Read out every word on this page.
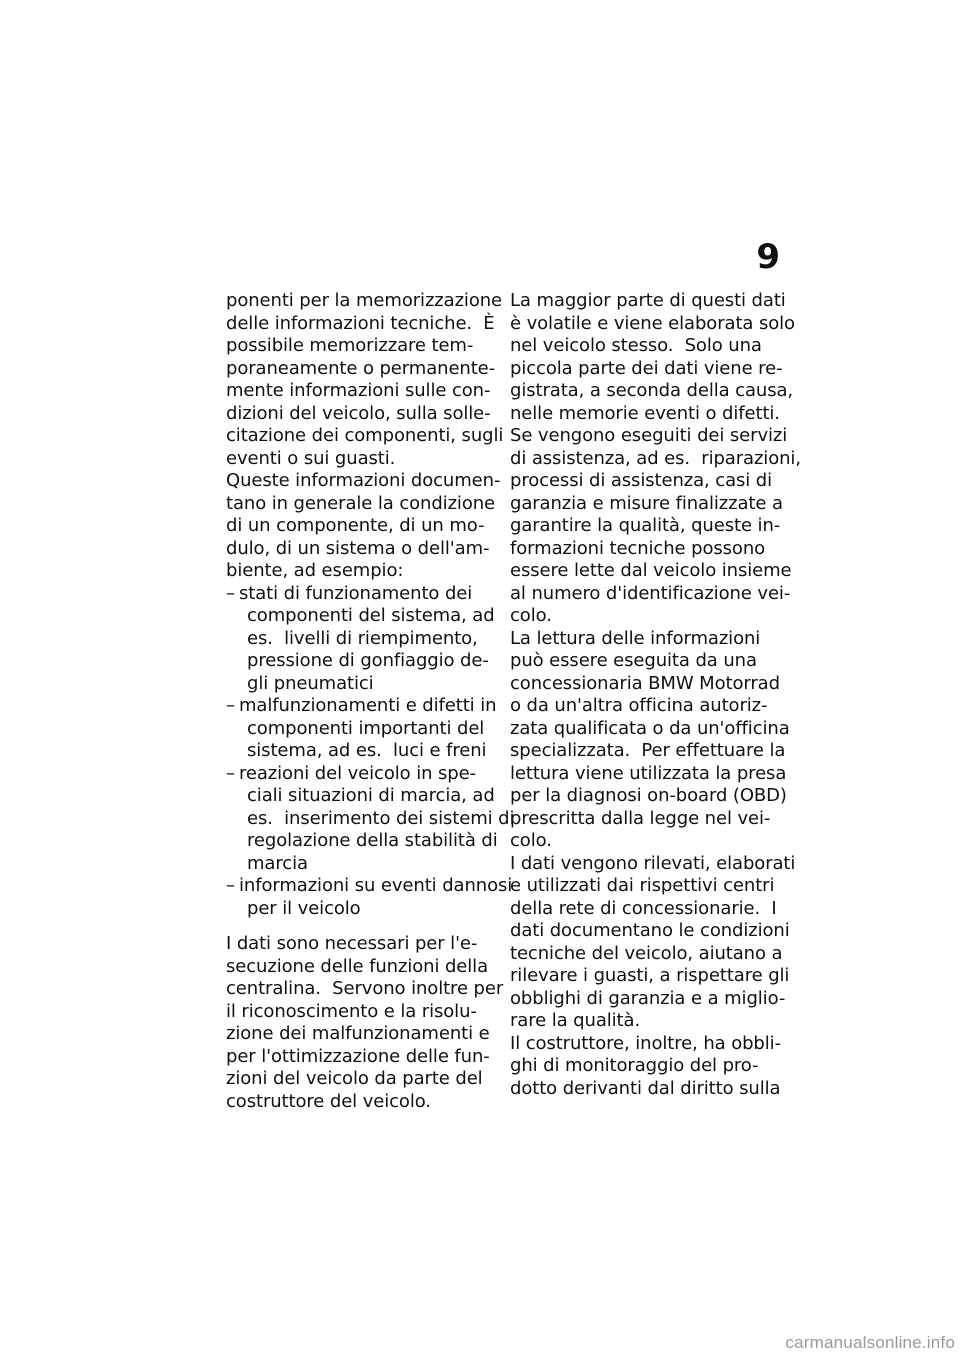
9
ponenti per la memorizzazione
delle informazioni tecniche.  È
possibile memorizzare tem-
poraneamente o permanente-
mente informazioni sulle con-
dizioni del veicolo, sulla solle-
citazione dei componenti, sugli
eventi o sui guasti.
Queste informazioni documen-
tano in generale la condizione
di un componente, di un mo-
dulo, di un sistema o dell'am-
biente, ad esempio:
– stati di funzionamento dei
componenti del sistema, ad
es.  livelli di riempimento,
pressione di gonfiaggio de-
gli pneumatici
– malfunzionamenti e difetti in
componenti importanti del
sistema, ad es.  luci e freni
– reazioni del veicolo in spe-
ciali situazioni di marcia, ad
es.  inserimento dei sistemi di
regolazione della stabilità di
marcia
– informazioni su eventi dannosi
per il veicolo
I dati sono necessari per l'e-
secuzione delle funzioni della
centralina.  Servono inoltre per
il riconoscimento e la risolu-
zione dei malfunzionamenti e
per l'ottimizzazione delle fun-
zioni del veicolo da parte del
costruttore del veicolo.
La maggior parte di questi dati
è volatile e viene elaborata solo
nel veicolo stesso.  Solo una
piccola parte dei dati viene re-
gistrata, a seconda della causa,
nelle memorie eventi o difetti.
Se vengono eseguiti dei servizi
di assistenza, ad es.  riparazioni,
processi di assistenza, casi di
garanzia e misure finalizzate a
garantire la qualità, queste in-
formazioni tecniche possono
essere lette dal veicolo insieme
al numero d'identificazione vei-
colo.
La lettura delle informazioni
può essere eseguita da una
concessionaria BMW Motorrad
o da un'altra officina autoriz-
zata qualificata o da un'officina
specializzata.  Per effettuare la
lettura viene utilizzata la presa
per la diagnosi on-board (OBD)
prescritta dalla legge nel vei-
colo.
I dati vengono rilevati, elaborati
e utilizzati dai rispettivi centri
della rete di concessionarie.  I
dati documentano le condizioni
tecniche del veicolo, aiutano a
rilevare i guasti, a rispettare gli
obblighi di garanzia e a miglio-
rare la qualità.
Il costruttore, inoltre, ha obbli-
ghi di monitoraggio del pro-
dotto derivanti dal diritto sulla
carmanualsonline.info
